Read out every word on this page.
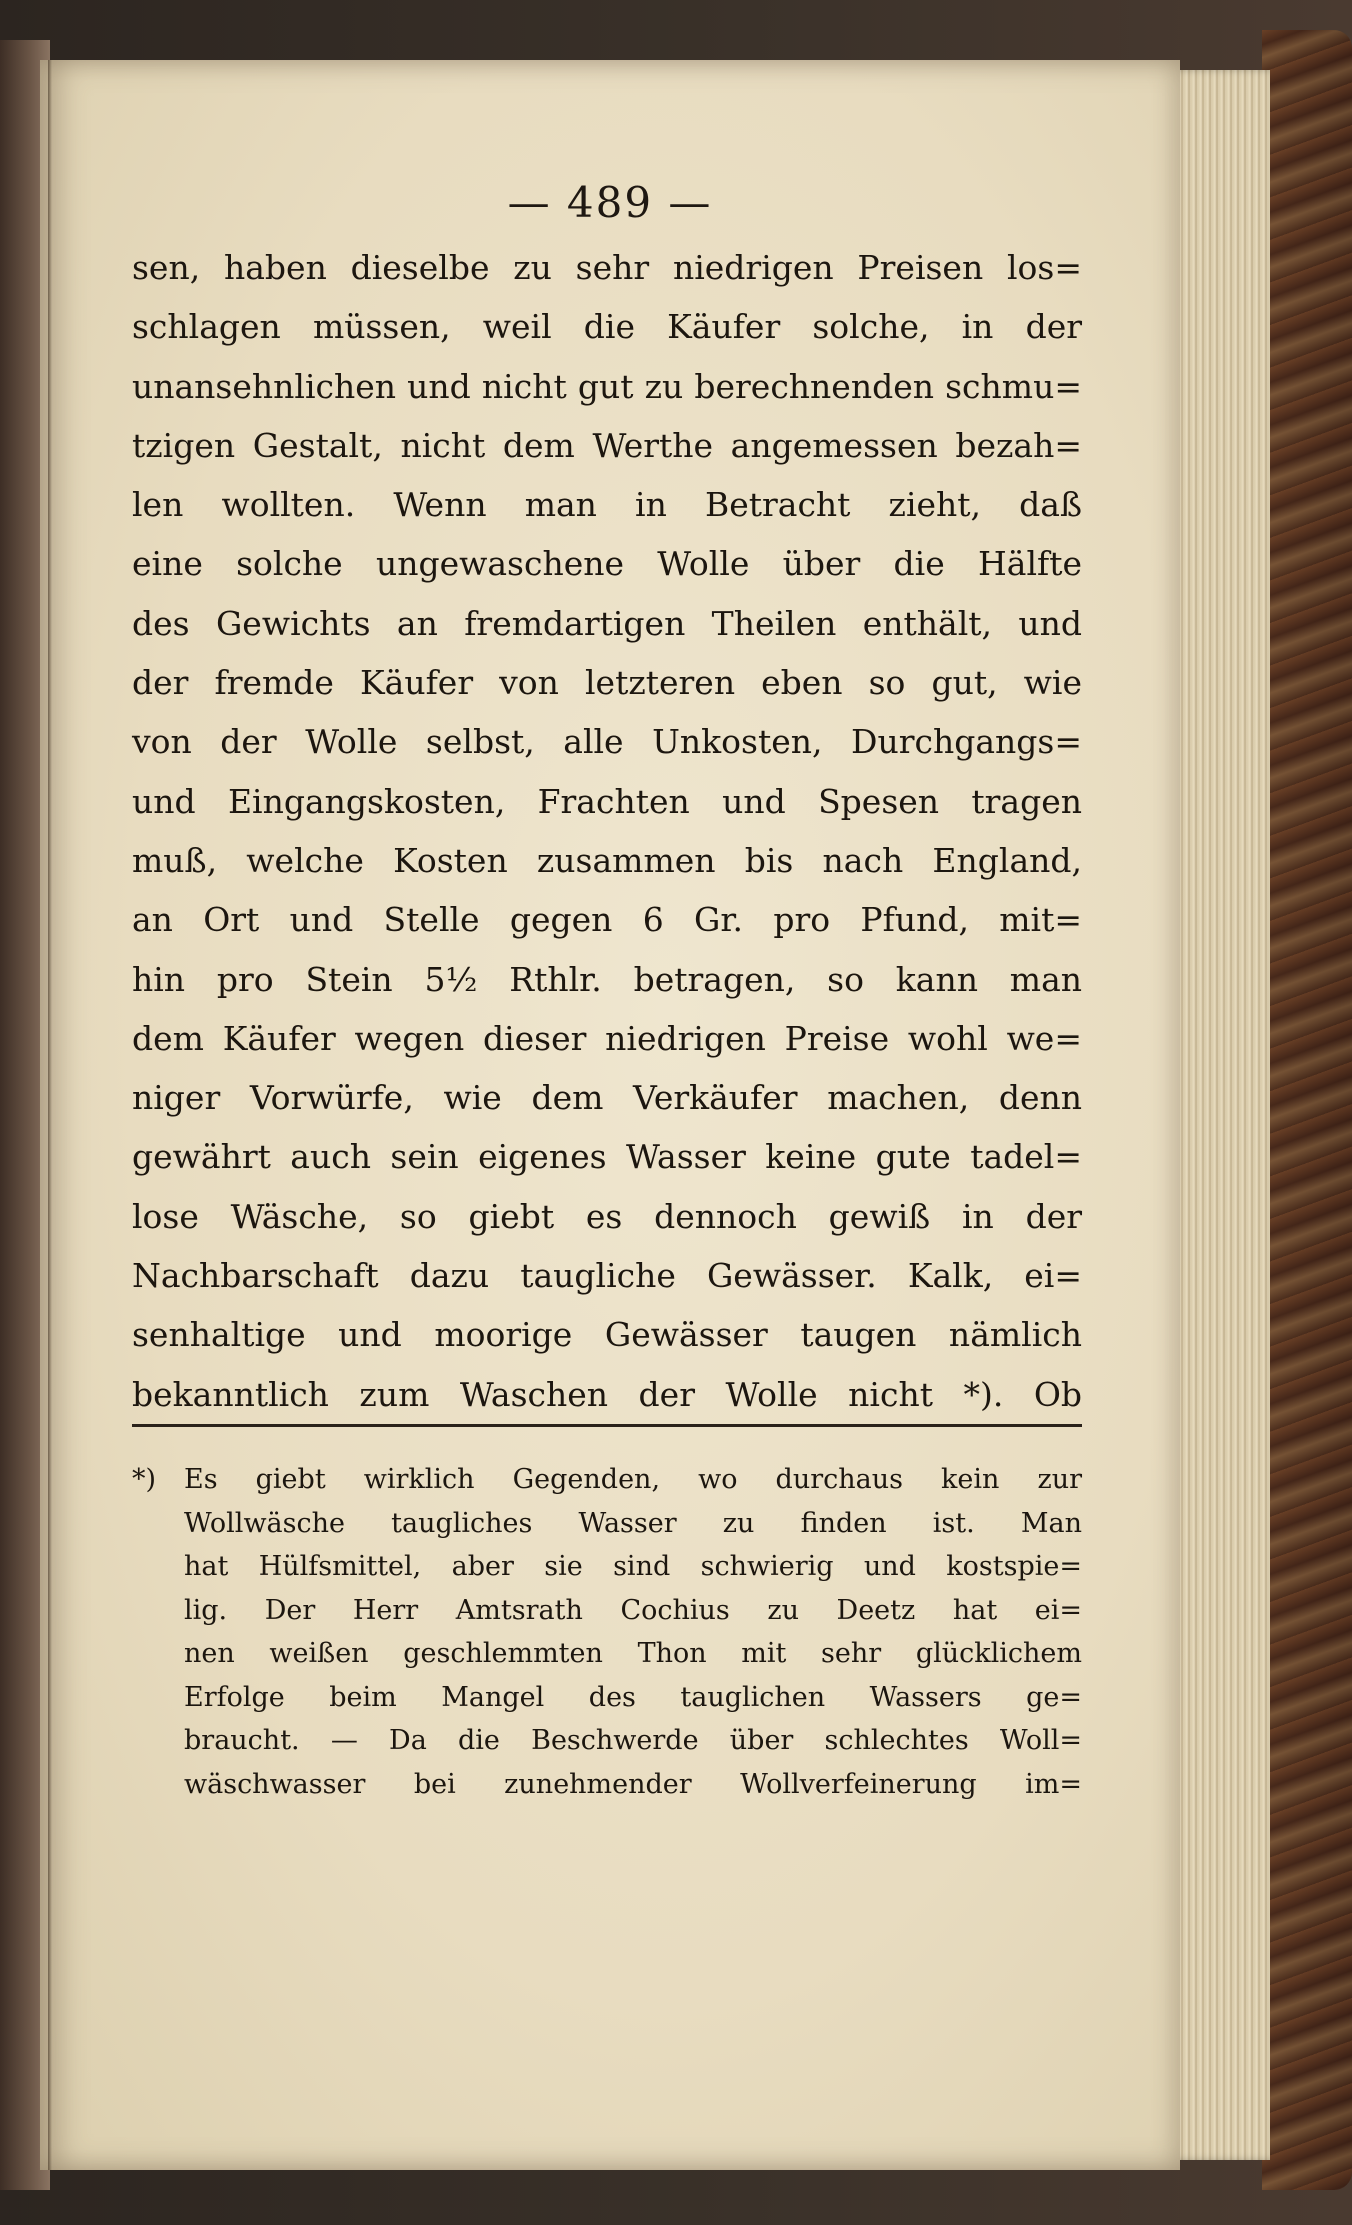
— 489 —
sen, haben dieselbe zu sehr niedrigen Preisen los=
schlagen müssen, weil die Käufer solche, in der
unansehnlichen und nicht gut zu berechnenden schmu=
tzigen Gestalt, nicht dem Werthe angemessen bezah=
len wollten. Wenn man in Betracht zieht, daß
eine solche ungewaschene Wolle über die Hälfte
des Gewichts an fremdartigen Theilen enthält, und
der fremde Käufer von letzteren eben so gut, wie
von der Wolle selbst, alle Unkosten, Durchgangs=
und Eingangskosten, Frachten und Spesen tragen
muß, welche Kosten zusammen bis nach England,
an Ort und Stelle gegen 6 Gr. pro Pfund, mit=
hin pro Stein 5½ Rthlr. betragen, so kann man
dem Käufer wegen dieser niedrigen Preise wohl we=
niger Vorwürfe, wie dem Verkäufer machen, denn
gewährt auch sein eigenes Wasser keine gute tadel=
lose Wäsche, so giebt es dennoch gewiß in der
Nachbarschaft dazu taugliche Gewässer. Kalk, ei=
senhaltige und moorige Gewässer taugen nämlich
bekanntlich zum Waschen der Wolle nicht *). Ob
*) Es giebt wirklich Gegenden, wo durchaus kein zur
Wollwäsche taugliches Wasser zu finden ist. Man
hat Hülfsmittel, aber sie sind schwierig und kostspie=
lig. Der Herr Amtsrath Cochius zu Deetz hat ei=
nen weißen geschlemmten Thon mit sehr glücklichem
Erfolge beim Mangel des tauglichen Wassers ge=
braucht. — Da die Beschwerde über schlechtes Woll=
wäschwasser bei zunehmender Wollverfeinerung im=
